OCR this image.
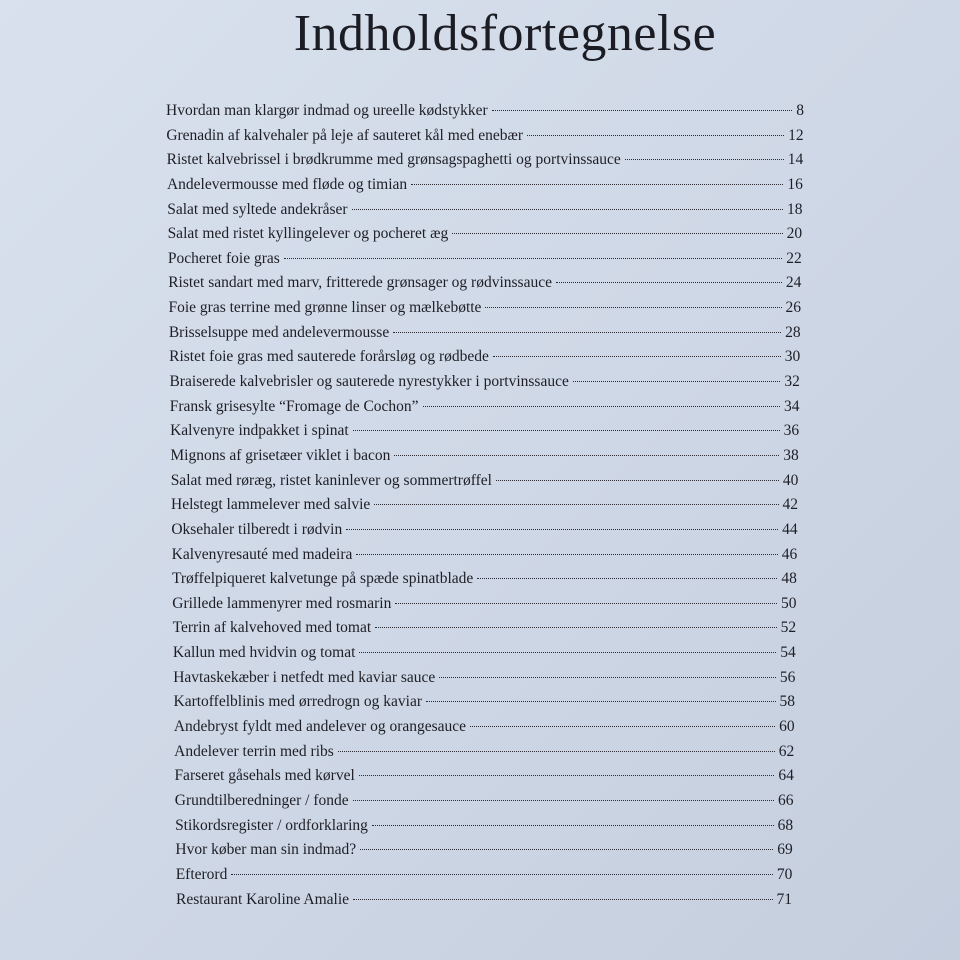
Indholdsfortegnelse
Hvordan man klargør indmad og ureelle kødstykker	8
Grenadin af kalvehaler på leje af sauteret kål med enebær	12
Ristet kalvebrissel i brødkrumme med grønsagspaghetti og portvinssauce	14
Andelevermousse med fløde og timian	16
Salat med syltede andekråser	18
Salat med ristet kyllingelever og pocheret æg	20
Pocheret foie gras	22
Ristet sandart med marv, fritterede grønsager og rødvinssauce	24
Foie gras terrine med grønne linser og mælkebøtte	26
Brisselsuppe med andelevermousse	28
Ristet foie gras med sauterede forårsløg og rødbede	30
Braiserede kalvebrisler og sauterede nyrestykker i portvinssauce	32
Fransk grisesylte “Fromage de Cochon”	34
Kalvenyre indpakket i spinat	36
Mignons af grisetæer viklet i bacon	38
Salat med røræg, ristet kaninlever og sommertrøffel	40
Helstegt lammelever med salvie	42
Oksehaler tilberedt i rødvin	44
Kalvenyresauté med madeira	46
Trøffelpiqueret kalvetunge på spæde spinatblade	48
Grillede lammenyrer med rosmarin	50
Terrin af kalvehoved med tomat	52
Kallun med hvidvin og tomat	54
Havtaskekæber i netfedt med kaviar sauce	56
Kartoffelblinis med ørredrogn og kaviar	58
Andebryst fyldt med andelever og orangesauce	60
Andelever terrin med ribs	62
Farseret gåsehals med kørvel	64
Grundtilberedninger / fonde	66
Stikordsregister / ordforklaring	68
Hvor køber man sin indmad?	69
Efterord	70
Restaurant Karoline Amalie	71
